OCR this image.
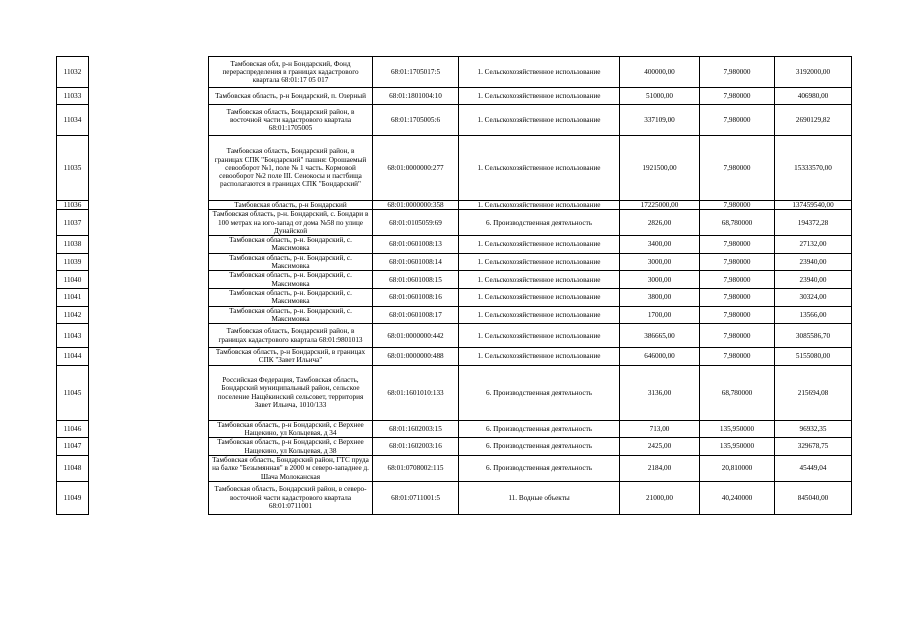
11032		Тамбовская обл, р-н Бондарский, Фонд перераспределения в границах кадастрового квартала 68:01:17 05 017	68:01:1705017:5	1. Сельскохозяйственное использование	400000,00	7,980000	3192000,00
11033		Тамбовская область, р-н Бондарский, п. Озерный	68:01:1801004:10	1. Сельскохозяйственное использование	51000,00	7,980000	406980,00
11034		Тамбовская область, Бондарский район, в восточной части кадастрового квартала 68:01:1705005	68:01:1705005:6	1. Сельскохозяйственное использование	337109,00	7,980000	2690129,82
11035		Тамбовская область, Бондарский район, в границах СПК "Бондарский" пашня: Орошаемый севооборот №1, поле № 1 часть. Кормовой севооборот №2 поле III. Сенокосы и пастбища располагаются в границах СПК "Бондарский"	68:01:0000000:277	1. Сельскохозяйственное использование	1921500,00	7,980000	15333570,00
11036		Тамбовская область, р-н Бондарский	68:01:0000000:358	1. Сельскохозяйственное использование	17225000,00	7,980000	137459540,00
11037		Тамбовская область, р-н. Бондарский, с. Бондари в 100 метрах на юго-запад от дома №58 по улице Дунайской	68:01:0105059:69	6. Производственная деятельность	2826,00	68,780000	194372,28
11038		Тамбовская область, р-н. Бондарский, с. Максимовка	68:01:0601008:13	1. Сельскохозяйственное использование	3400,00	7,980000	27132,00
11039		Тамбовская область, р-н. Бондарский, с. Максимовка	68:01:0601008:14	1. Сельскохозяйственное использование	3000,00	7,980000	23940,00
11040		Тамбовская область, р-н. Бондарский, с. Максимовка	68:01:0601008:15	1. Сельскохозяйственное использование	3000,00	7,980000	23940,00
11041		Тамбовская область, р-н. Бондарский, с. Максимовка	68:01:0601008:16	1. Сельскохозяйственное использование	3800,00	7,980000	30324,00
11042		Тамбовская область, р-н. Бондарский, с. Максимовка	68:01:0601008:17	1. Сельскохозяйственное использование	1700,00	7,980000	13566,00
11043		Тамбовская область, Бондарский район, в границах кадастрового квартала 68:01:9801013	68:01:0000000:442	1. Сельскохозяйственное использование	386665,00	7,980000	3085586,70
11044		Тамбовская область, р-н Бондарский, в границах СПК "Завет Ильича"	68:01:0000000:488	1. Сельскохозяйственное использование	646000,00	7,980000	5155080,00
11045		Российская Федерация, Тамбовская область, Бондарский муниципальный район, сельское поселение Нащёкинский сельсовет, территория Завет Ильича, 1010/133	68:01:1601010:133	6. Производственная деятельность	3136,00	68,780000	215694,08
11046		Тамбовская область, р-н Бондарский, с Верхнее Нащекино, ул Кольцевая, д 34	68:01:1602003:15	6. Производственная деятельность	713,00	135,950000	96932,35
11047		Тамбовская область, р-н Бондарский, с Верхнее Нащекино, ул Кольцевая, д 38	68:01:1602003:16	6. Производственная деятельность	2425,00	135,950000	329678,75
11048		Тамбовская область, Бондарский район, ГТС пруда на балке "Безымянная" в 2000 м северо-западнее д. Шача Молоканская	68:01:0708002:115	6. Производственная деятельность	2184,00	20,810000	45449,04
11049		Тамбовская область, Бондарский район, в северо-восточной части кадастрового квартала 68:01:0711001	68:01:0711001:5	11. Водные объекты	21000,00	40,240000	845040,00
